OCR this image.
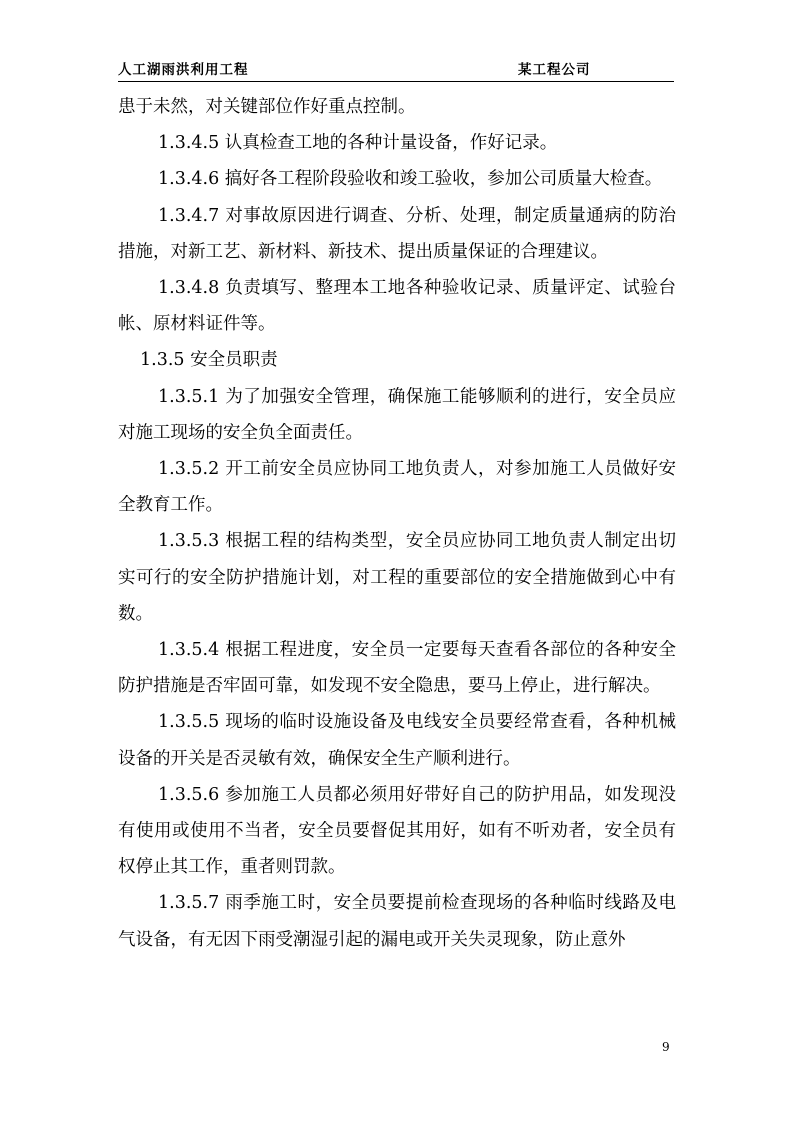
人工湖雨洪利用工程	某工程公司

患于未然，对关键部位作好重点控制。

1.3.4.5 认真检查工地的各种计量设备，作好记录。

1.3.4.6 搞好各工程阶段验收和竣工验收，参加公司质量大检查。

1.3.4.7 对事故原因进行调查、分析、处理，制定质量通病的防治措施，对新工艺、新材料、新技术、提出质量保证的合理建议。

1.3.4.8 负责填写、整理本工地各种验收记录、质量评定、试验台帐、原材料证件等。

1.3.5 安全员职责

1.3.5.1 为了加强安全管理，确保施工能够顺利的进行，安全员应对施工现场的安全负全面责任。

1.3.5.2 开工前安全员应协同工地负责人，对参加施工人员做好安全教育工作。

1.3.5.3 根据工程的结构类型，安全员应协同工地负责人制定出切实可行的安全防护措施计划，对工程的重要部位的安全措施做到心中有数。

1.3.5.4 根据工程进度，安全员一定要每天查看各部位的各种安全防护措施是否牢固可靠，如发现不安全隐患，要马上停止，进行解决。

1.3.5.5 现场的临时设施设备及电线安全员要经常查看，各种机械设备的开关是否灵敏有效，确保安全生产顺利进行。

1.3.5.6 参加施工人员都必须用好带好自己的防护用品，如发现没有使用或使用不当者，安全员要督促其用好，如有不听劝者，安全员有权停止其工作，重者则罚款。

1.3.5.7 雨季施工时，安全员要提前检查现场的各种临时线路及电气设备，有无因下雨受潮湿引起的漏电或开关失灵现象，防止意外

9
